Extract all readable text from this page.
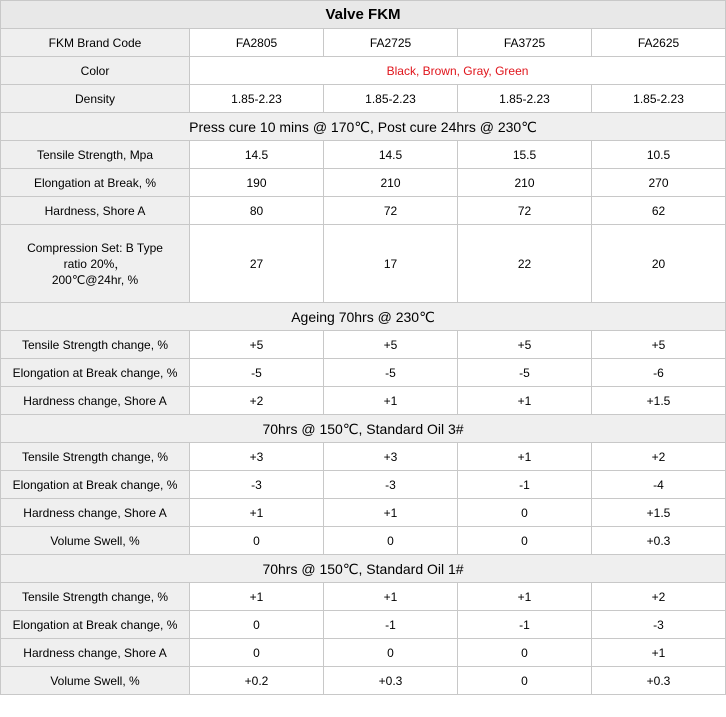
Valve FKM				
FKM Brand Code	FA2805	FA2725	FA3725	FA2625
Color	Black, Brown, Gray, Green			
Density	1.85-2.23	1.85-2.23	1.85-2.23	1.85-2.23
Press cure 10 mins @ 170℃, Post cure 24hrs @ 230℃				
Tensile Strength, Mpa	14.5	14.5	15.5	10.5
Elongation at Break, %	190	210	210	270
Hardness, Shore A	80	72	72	62

Compression Set: B Type
ratio 20%，
200℃@24hr, %	27	17	22	20
Ageing 70hrs @ 230℃				
Tensile Strength change, %	+5	+5	+5	+5
Elongation at Break change, %	-5	-5	-5	-6
Hardness change, Shore A	+2	+1	+1	+1.5
70hrs @ 150℃, Standard Oil 3#				
Tensile Strength change, %	+3	+3	+1	+2
Elongation at Break change, %	-3	-3	-1	-4
Hardness change, Shore A	+1	+1	0	+1.5
Volume Swell, %	0	0	0	+0.3
70hrs @ 150℃, Standard Oil 1#				
Tensile Strength change, %	+1	+1	+1	+2
Elongation at Break change, %	0	-1	-1	-3
Hardness change, Shore A	0	0	0	+1
Volume Swell, %	+0.2	+0.3	0	+0.3
